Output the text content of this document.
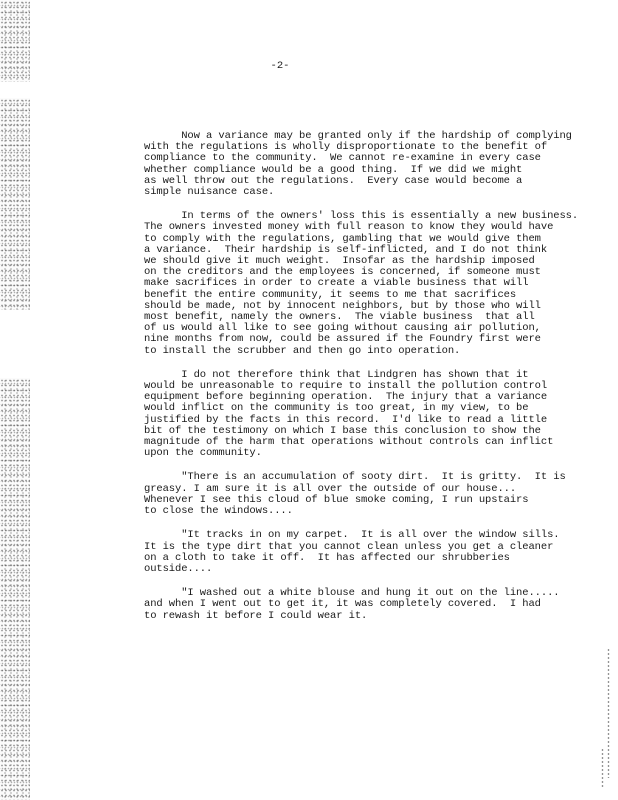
-2-
Now a variance may be granted only if the hardship of complying
with the regulations is wholly disproportionate to the benefit of
compliance to the community.  We cannot re-examine in every case
whether compliance would be a good thing.  If we did we might
as well throw out the regulations.  Every case would become a
simple nuisance case.
In terms of the owners' loss this is essentially a new business.
The owners invested money with full reason to know they would have
to comply with the regulations, gambling that we would give them
a variance.  Their hardship is self-inflicted, and I do not think
we should give it much weight.  Insofar as the hardship imposed
on the creditors and the employees is concerned, if someone must
make sacrifices in order to create a viable business that will
benefit the entire community, it seems to me that sacrifices
should be made, not by innocent neighbors, but by those who will
most benefit, namely the owners.  The viable business  that all
of us would all like to see going without causing air pollution,
nine months from now, could be assured if the Foundry first were
to install the scrubber and then go into operation.
I do not therefore think that Lindgren has shown that it
would be unreasonable to require to install the pollution control
equipment before beginning operation.  The injury that a variance
would inflict on the community is too great, in my view, to be
justified by the facts in this record.  I'd like to read a little
bit of the testimony on which I base this conclusion to show the
magnitude of the harm that operations without controls can inflict
upon the community.
"There is an accumulation of sooty dirt.  It is gritty.  It is
greasy. I am sure it is all over the outside of our house...
Whenever I see this cloud of blue smoke coming, I run upstairs
to close the windows....
"It tracks in on my carpet.  It is all over the window sills.
It is the type dirt that you cannot clean unless you get a cleaner
on a cloth to take it off.  It has affected our shrubberies
outside....
"I washed out a white blouse and hung it out on the line.....
and when I went out to get it, it was completely covered.  I had
to rewash it before I could wear it.
